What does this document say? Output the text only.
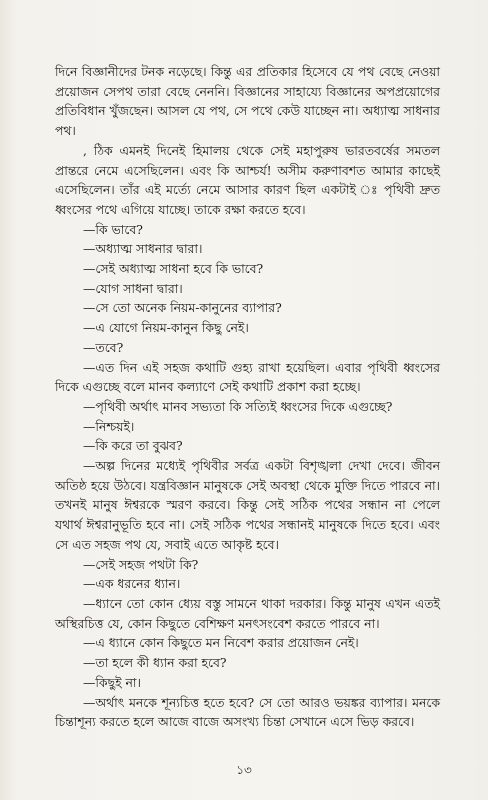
দিনে বিজ্ঞানীদের টনক নড়েছে। কিন্তু এর প্রতিকার হিসেবে যে পথ বেছে নেওয়া প্রয়োজন সেপথ তারা বেছে নেননি। বিজ্ঞানের সাহায্যে বিজ্ঞানের অপপ্রয়োগের প্রতিবিধান খুঁজছেন। আসল যে পথ, সে পথে কেউ যাচ্ছেন না। অধ্যাত্ম সাধনার পথ।

, ঠিক এমনই দিনেই হিমালয় থেকে সেই মহাপুরুষ ভারতবর্ষের সমতল প্রান্তরে নেমে এসেছিলেন। এবং কি আশ্চর্য! অসীম করুণাবশত আমার কাছেই এসেছিলেন। তাঁর এই মর্ত্যে নেমে আসার কারণ ছিল একটাই ঃ পৃথিবী দ্রুত ধ্বংসের পথে এগিয়ে যাচ্ছে। তাকে রক্ষা করতে হবে।

—কি ভাবে?

—অধ্যাত্ম সাধনার দ্বারা।

—সেই অধ্যাত্ম সাধনা হবে কি ভাবে?

—যোগ সাধনা দ্বারা।

—সে তো অনেক নিয়ম-কানুনের ব্যাপার?

—এ যোগে নিয়ম-কানুন কিছু নেই।

—তবে?

—এত দিন এই সহজ কথাটি গুহ্য রাখা হয়েছিল। এবার পৃথিবী ধ্বংসের দিকে এগুচ্ছে বলে মানব কল্যাণে সেই কথাটি প্রকাশ করা হচ্ছে।

—পৃথিবী অর্থাৎ মানব সভ্যতা কি সত্যিই ধ্বংসের দিকে এগুচ্ছে?

—নিশ্চয়ই।

—কি করে তা বুঝব?

—অল্প দিনের মধ্যেই পৃথিবীর সর্বত্র একটা বিশৃঙ্খলা দেখা দেবে। জীবন অতিষ্ঠ হয়ে উঠবে। যন্ত্রবিজ্ঞান মানুষকে সেই অবস্থা থেকে মুক্তি দিতে পারবে না। তখনই মানুষ ঈশ্বরকে স্মরণ করবে। কিন্তু সেই সঠিক পথের সন্ধান না পেলে যথার্থ ঈশ্বরানুভূতি হবে না। সেই সঠিক পথের সন্ধানই মানুষকে দিতে হবে। এবং সে এত সহজ পথ যে, সবাই এতে আকৃষ্ট হবে।

—সেই সহজ পথটা কি?

—এক ধরনের ধ্যান।

—ধ্যানে তো কোন ধ্যেয় বস্তু সামনে থাকা দরকার। কিন্তু মানুষ এখন এতই অস্থিরচিত্ত যে, কোন কিছুতে বেশিক্ষণ মনৎসংবেশ করতে পারবে না।

—এ ধ্যানে কোন কিছুতে মন নিবেশ করার প্রয়োজন নেই।

—তা হলে কী ধ্যান করা হবে?

—কিছুই না।

—অর্থাৎ মনকে শূন্যচিত্ত হতে হবে? সে তো আরও ভয়ঙ্কর ব্যাপার। মনকে চিন্তাশূন্য করতে হলে আজে বাজে অসংখ্য চিন্তা সেখানে এসে ভিড় করবে।

১৩
